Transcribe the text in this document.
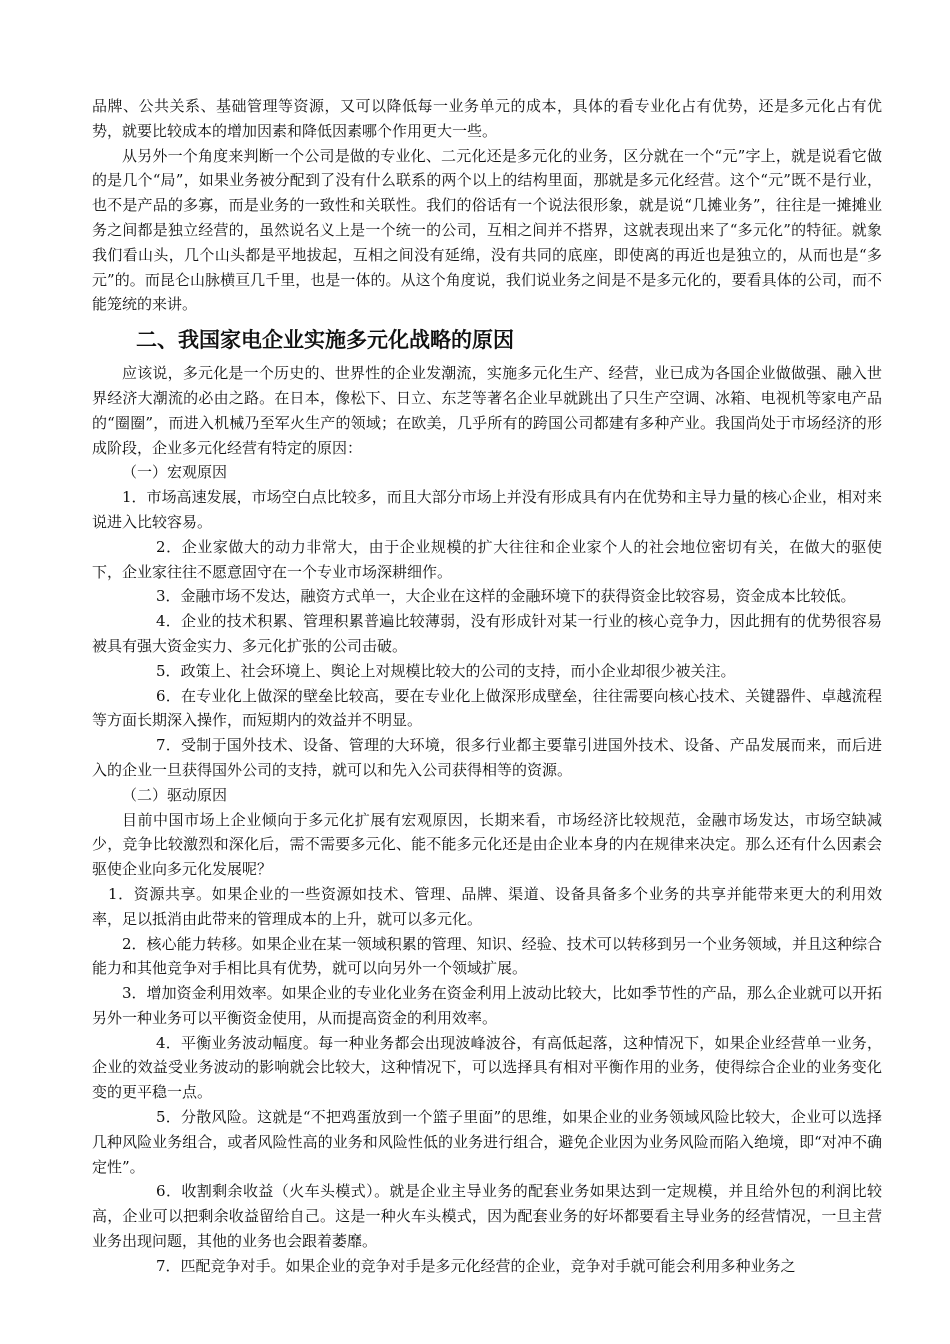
品牌、公共关系、基础管理等资源，又可以降低每一业务单元的成本，具体的看专业化占有优势，还是多元化占有优势，就要比较成本的增加因素和降低因素哪个作用更大一些。

从另外一个角度来判断一个公司是做的专业化、二元化还是多元化的业务，区分就在一个“元”字上，就是说看它做的是几个“局”，如果业务被分配到了没有什么联系的两个以上的结构里面，那就是多元化经营。这个“元”既不是行业，也不是产品的多寡，而是业务的一致性和关联性。我们的俗话有一个说法很形象，就是说“几摊业务”，往往是一摊摊业务之间都是独立经营的，虽然说名义上是一个统一的公司，互相之间并不搭界，这就表现出来了“多元化”的特征。就象我们看山头，几个山头都是平地拔起，互相之间没有延绵，没有共同的底座，即使离的再近也是独立的，从而也是“多元”的。而昆仑山脉横亘几千里，也是一体的。从这个角度说，我们说业务之间是不是多元化的，要看具体的公司，而不能笼统的来讲。

二、我国家电企业实施多元化战略的原因

应该说，多元化是一个历史的、世界性的企业发潮流，实施多元化生产、经营，业已成为各国企业做做强、融入世界经济大潮流的必由之路。在日本，像松下、日立、东芝等著名企业早就跳出了只生产空调、冰箱、电视机等家电产品的“圈圈”，而进入机械乃至军火生产的领域；在欧美，几乎所有的跨国公司都建有多种产业。我国尚处于市场经济的形成阶段，企业多元化经营有特定的原因：

（一）宏观原因

1．市场高速发展，市场空白点比较多，而且大部分市场上并没有形成具有内在优势和主导力量的核心企业，相对来说进入比较容易。

2．企业家做大的动力非常大，由于企业规模的扩大往往和企业家个人的社会地位密切有关，在做大的驱使下，企业家往往不愿意固守在一个专业市场深耕细作。

3．金融市场不发达，融资方式单一，大企业在这样的金融环境下的获得资金比较容易，资金成本比较低。

4．企业的技术积累、管理积累普遍比较薄弱，没有形成针对某一行业的核心竞争力，因此拥有的优势很容易被具有强大资金实力、多元化扩张的公司击破。

5．政策上、社会环境上、舆论上对规模比较大的公司的支持，而小企业却很少被关注。

6．在专业化上做深的壁垒比较高，要在专业化上做深形成壁垒，往往需要向核心技术、关键器件、卓越流程等方面长期深入操作，而短期内的效益并不明显。

7．受制于国外技术、设备、管理的大环境，很多行业都主要靠引进国外技术、设备、产品发展而来，而后进入的企业一旦获得国外公司的支持，就可以和先入公司获得相等的资源。

（二）驱动原因

目前中国市场上企业倾向于多元化扩展有宏观原因，长期来看，市场经济比较规范，金融市场发达，市场空缺减少，竞争比较激烈和深化后，需不需要多元化、能不能多元化还是由企业本身的内在规律来决定。那么还有什么因素会驱使企业向多元化发展呢？

1．资源共享。如果企业的一些资源如技术、管理、品牌、渠道、设备具备多个业务的共享并能带来更大的利用效率，足以抵消由此带来的管理成本的上升，就可以多元化。

2．核心能力转移。如果企业在某一领域积累的管理、知识、经验、技术可以转移到另一个业务领域，并且这种综合能力和其他竞争对手相比具有优势，就可以向另外一个领域扩展。

3．增加资金利用效率。如果企业的专业化业务在资金利用上波动比较大，比如季节性的产品，那么企业就可以开拓另外一种业务可以平衡资金使用，从而提高资金的利用效率。

4．平衡业务波动幅度。每一种业务都会出现波峰波谷，有高低起落，这种情况下，如果企业经营单一业务，企业的效益受业务波动的影响就会比较大，这种情况下，可以选择具有相对平衡作用的业务，使得综合企业的业务变化变的更平稳一点。

5．分散风险。这就是“不把鸡蛋放到一个篮子里面”的思维，如果企业的业务领域风险比较大，企业可以选择几种风险业务组合，或者风险性高的业务和风险性低的业务进行组合，避免企业因为业务风险而陷入绝境，即“对冲不确定性”。

6．收割剩余收益（火车头模式）。就是企业主导业务的配套业务如果达到一定规模，并且给外包的利润比较高，企业可以把剩余收益留给自己。这是一种火车头模式，因为配套业务的好坏都要看主导业务的经营情况，一旦主营业务出现问题，其他的业务也会跟着萎靡。

7．匹配竞争对手。如果企业的竞争对手是多元化经营的企业，竞争对手就可能会利用多种业务之
